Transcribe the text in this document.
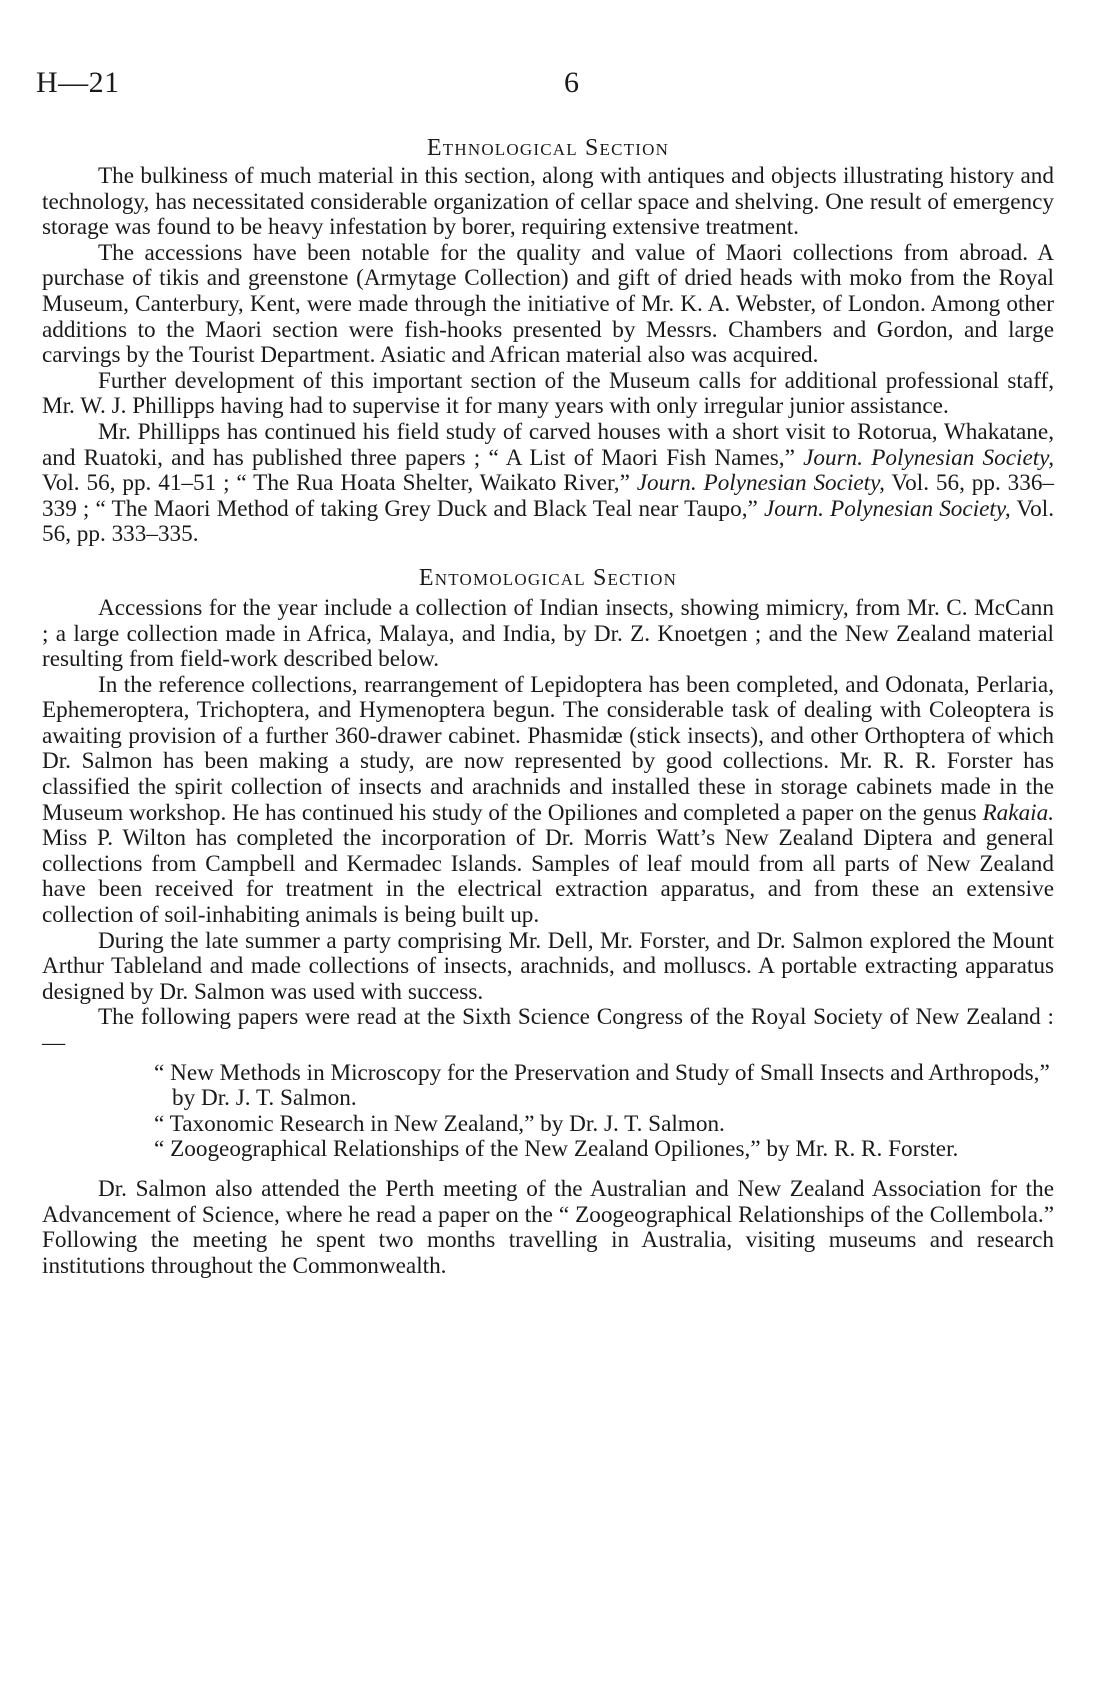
H—21	6
Ethnological Section

The bulkiness of much material in this section, along with antiques and objects illustrating history and technology, has necessitated considerable organization of cellar space and shelving. One result of emergency storage was found to be heavy infestation by borer, requiring extensive treatment.

The accessions have been notable for the quality and value of Maori collections from abroad. A purchase of tikis and greenstone (Armytage Collection) and gift of dried heads with moko from the Royal Museum, Canterbury, Kent, were made through the initiative of Mr. K. A. Webster, of London. Among other additions to the Maori section were fish-hooks presented by Messrs. Chambers and Gordon, and large carvings by the Tourist Department. Asiatic and African material also was acquired.

Further development of this important section of the Museum calls for additional professional staff, Mr. W. J. Phillipps having had to supervise it for many years with only irregular junior assistance.

Mr. Phillipps has continued his field study of carved houses with a short visit to Rotorua, Whakatane, and Ruatoki, and has published three papers ; “ A List of Maori Fish Names,” Journ. Polynesian Society, Vol. 56, pp. 41–51 ; “ The Rua Hoata Shelter, Waikato River,” Journ. Polynesian Society, Vol. 56, pp. 336–339 ; “ The Maori Method of taking Grey Duck and Black Teal near Taupo,” Journ. Polynesian Society, Vol. 56, pp. 333–335.

Entomological Section

Accessions for the year include a collection of Indian insects, showing mimicry, from Mr. C. McCann ; a large collection made in Africa, Malaya, and India, by Dr. Z. Knoetgen ; and the New Zealand material resulting from field-work described below.

In the reference collections, rearrangement of Lepidoptera has been completed, and Odonata, Perlaria, Ephemeroptera, Trichoptera, and Hymenoptera begun. The considerable task of dealing with Coleoptera is awaiting provision of a further 360-drawer cabinet. Phasmidæ (stick insects), and other Orthoptera of which Dr. Salmon has been making a study, are now represented by good collections. Mr. R. R. Forster has classified the spirit collection of insects and arachnids and installed these in storage cabinets made in the Museum workshop. He has continued his study of the Opiliones and completed a paper on the genus Rakaia. Miss P. Wilton has completed the incorporation of Dr. Morris Watt’s New Zealand Diptera and general collections from Campbell and Kermadec Islands. Samples of leaf mould from all parts of New Zealand have been received for treatment in the electrical extraction apparatus, and from these an extensive collection of soil-inhabiting animals is being built up.

During the late summer a party comprising Mr. Dell, Mr. Forster, and Dr. Salmon explored the Mount Arthur Tableland and made collections of insects, arachnids, and molluscs. A portable extracting apparatus designed by Dr. Salmon was used with success.

The following papers were read at the Sixth Science Congress of the Royal Society of New Zealand :—

“ New Methods in Microscopy for the Preservation and Study of Small Insects and Arthropods,” by Dr. J. T. Salmon.

“ Taxonomic Research in New Zealand,” by Dr. J. T. Salmon.

“ Zoogeographical Relationships of the New Zealand Opiliones,” by Mr. R. R. Forster.

Dr. Salmon also attended the Perth meeting of the Australian and New Zealand Association for the Advancement of Science, where he read a paper on the “ Zoogeographical Relationships of the Collembola.” Following the meeting he spent two months travelling in Australia, visiting museums and research institutions throughout the Commonwealth.
